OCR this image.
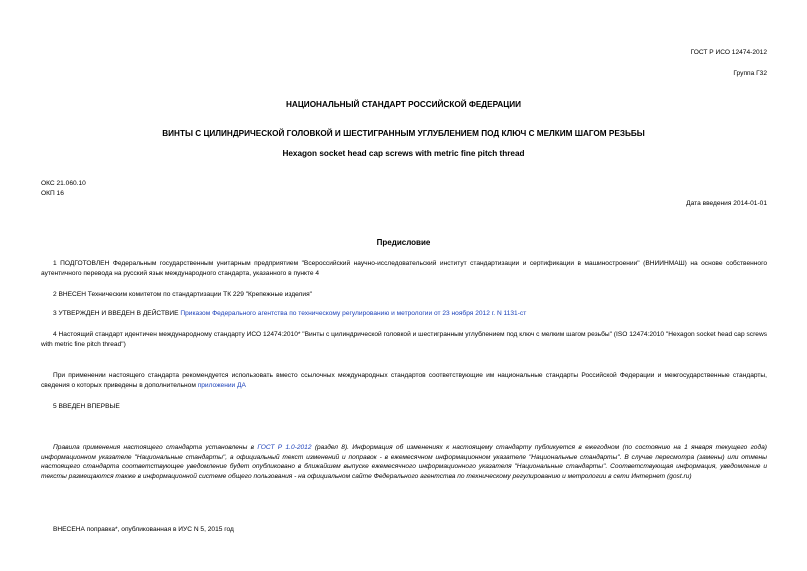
ГОСТ Р ИСО 12474-2012
Группа Г32
НАЦИОНАЛЬНЫЙ СТАНДАРТ РОССИЙСКОЙ ФЕДЕРАЦИИ
ВИНТЫ С ЦИЛИНДРИЧЕСКОЙ ГОЛОВКОЙ И ШЕСТИГРАННЫМ УГЛУБЛЕНИЕМ ПОД КЛЮЧ С МЕЛКИМ ШАГОМ РЕЗЬБЫ
Hexagon socket head cap screws with metric fine pitch thread
ОКС 21.060.10
ОКП 16
Дата введения 2014-01-01
Предисловие

1 ПОДГОТОВЛЕН Федеральным государственным унитарным предприятием "Всероссийский научно-исследовательский институт стандартизации и сертификации в машиностроении" (ВНИИНМАШ) на основе собственного аутентичного перевода на русский язык международного стандарта, указанного в пункте 4

2 ВНЕСЕН Техническим комитетом по стандартизации ТК 229 "Крепежные изделия"

3 УТВЕРЖДЕН И ВВЕДЕН В ДЕЙСТВИЕ Приказом Федерального агентства по техническому регулированию и метрологии от 23 ноября 2012 г. N 1131-ст

4 Настоящий стандарт идентичен международному стандарту ИСО 12474:2010* "Винты с цилиндрической головкой и шестигранным углублением под ключ с мелким шагом резьбы" (ISO 12474:2010 "Hexagon socket head cap screws with metric fine pitch thread")

При применении настоящего стандарта рекомендуется использовать вместо ссылочных международных стандартов соответствующие им национальные стандарты Российской Федерации и межгосударственные стандарты, сведения о которых приведены в дополнительном приложении ДА

5 ВВЕДЕН ВПЕРВЫЕ

Правила применения настоящего стандарта установлены в ГОСТ Р 1.0-2012 (раздел 8). Информация об изменениях к настоящему стандарту публикуется в ежегодном (по состоянию на 1 января текущего года) информационном указателе "Национальные стандарты", а официальный текст изменений и поправок - в ежемесячном информационном указателе "Национальные стандарты". В случае пересмотра (замены) или отмены настоящего стандарта соответствующее уведомление будет опубликовано в ближайшем выпуске ежемесячного информационного указателя "Национальные стандарты". Соответствующая информация, уведомление и тексты размещаются также в информационной системе общего пользования - на официальном сайте Федерального агентства по техническому регулированию и метрологии в сети Интернет (gost.ru)

ВНЕСЕНА поправка*, опубликованная в ИУС N 5, 2015 год
